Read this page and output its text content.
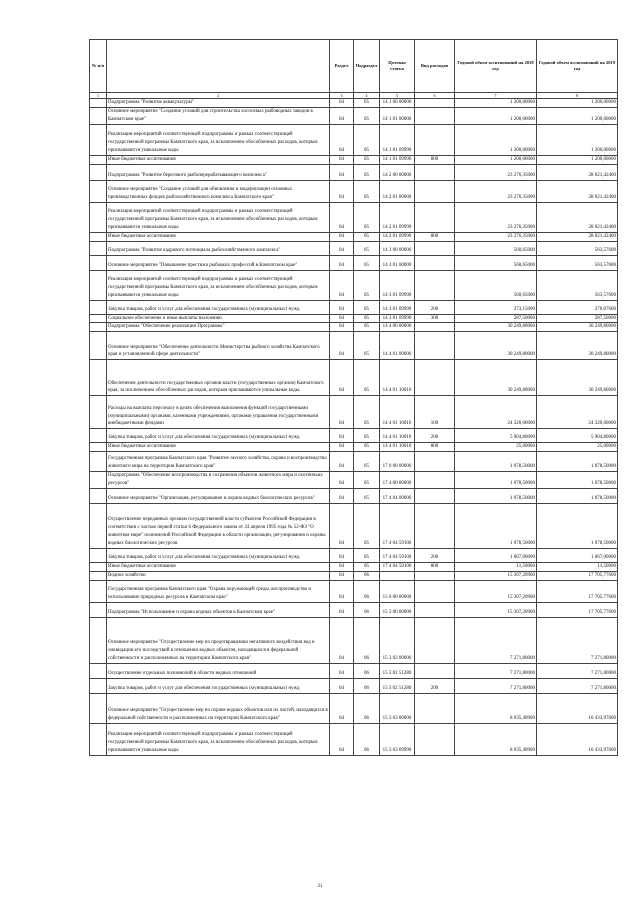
№ п/п		Раздел	Подраздел	Целевая статья	Вид расходов	Годовой объем ассигнований на 2018 год	Годовой объем ассигнований на 2019 год
1	2	3	4	5	6	7	8
	Подпрограмма "Развитие аквакультуры"	04	05	14 1 00 00000		1 200,00000	1 200,00000
	Основное мероприятие "Создание условий для строительства лососевых рыбоводных заводов в Камчатском крае"	04	05	14 1 01 00000		1 200,00000	1 200,00000
	Реализация мероприятий соответствующей подпрограммы и рамках соответствующей государственной программы Камчатского края, за исключением обособленных расходов, которым присваиваются уникальные коды	04	05	14 1 01 09990		1 200,00000	1 200,00000
	Иные бюджетные ассигнования	04	05	14 1 01 09990	800	1 200,00000	1 200,00000
	Подпрограмма "Развитие берегового рыбоперерабатывающего комплекса"	04	05	14 2 00 00000		23 276,35000	28 021,42400
	Основное мероприятие "Создание условий для обновления и модернизации основных производственных фондов рыбохозяйственного комплекса Камчатского края"	04	05	14 2 01 00000		23 276,35000	28 021,42400
	Реализация мероприятий соответствующей подпрограммы и рамках соответствующей государственной программы Камчатского края, за исключением обособленных расходов, которым присваиваются уникальные коды	04	05	14 2 01 09990		23 276,35000	28 021,42400
	Иные бюджетные ассигнования	04	05	14 2 01 09990	800	23 276,35000	28 021,42400
	Подпрограмма "Развитие кадрового потенциала рыбохозяйственного комплекса"	04	05	14 3 00 00000		560,65000	563,57600
	Основное мероприятие "Повышение престижа рыбацких профессий в Камчатском крае"	04	05	14 3 01 00000		560,65000	563,57600
	Реализация мероприятий соответствующей подпрограммы и рамках соответствующей государственной программы Камчатского края, за исключением обособленных расходов, которым присваиваются уникальные коды	04	05	14 3 01 09990		560,65000	563,57600
	Закупка товаров, работ и услуг для обеспечения государственных (муниципальных) нужд	04	05	14 3 01 09990	200	273,15000	276,07600
	Социальное обеспечение и иные выплаты населению	04	05	14 3 01 09990	300	287,50000	287,50000
	Подпрограмма "Обеспечение реализации Программы"	04	05	14 4 00 00000		30 249,80000	30 249,80000
	Основное мероприятие "Обеспечение деятельности Министерства рыбного хозяйства Камчатского края и установленной сфере деятельности"	04	05	14 4 01 00000		30 249,80000	30 249,80000
	Обеспечение деятельности государственных органов власти (государственных органов) Камчатского края, за исключением обособленных расходов, которым присваиваются уникальные коды.	04	05	14 4 01 10010		30 249,80000	30 249,80000
	Расходы на выплаты персоналу в целях обеспечения выполнения функций государственными (муниципальными) органами, казенными учреждениями, органами управления государственными внебюджетными фондами	04	05	14 4 01 10010	100	24 320,00000	24 320,00000
	Закупка товаров, работ и услуг для обеспечения государственных (муниципальных) нужд	04	05	14 4 01 10010	200	5 904,80000	5 904,80000
	Иные бюджетные ассигнования	04	05	14 4 01 10010	800	25,00000	25,00000
	Государственная программа Камчатского края "Развитие лесного хозяйства, охрана и воспроизводство животного мира на территории Камчатского края"	04	05	17 0 00 00000		1 078,50000	1 078,50000
	Подпрограмма "Обеспечение воспроизводства и сохранения объектов животного мира и охотничьих ресурсов"	04	05	17 4 00 00000		1 078,50000	1 078,50000
	Основное мероприятие "Организация, регулирование и охрана водных биологических ресурсов"	04	05	17 4 04 00000		1 078,50000	1 078,50000
	Осуществление переданных органам государственной власти субъектов Российской Федерации в соответствии с частью первой статьи 6 Федерального закона от 24 апреля 1995 года № 52-ФЗ "О животном мире" полномочий Российской Федерации в области организации, регулирования и охраны водных биологических ресурсов	04	05	17 4 04 59100		1 078,50000	1 078,50000
	Закупка товаров, работ и услуг для обеспечения государственных (муниципальных) нужд	04	05	17 4 04 59100	200	1 067,00000	1 067,00000
	Иные бюджетные ассигнования	04	05	17 4 04 59100	800	11,50000	11,50000
	Водное хозяйство	04	06			15 307,20900	17 705,77600
	Государственная программа Камчатского края "Охрана окружающей среды, воспроизводство и использование природных ресурсов в Камчатском крае"	04	06	15 0 00 00000		15 307,20900	17 705,77600
	Подпрограмма "Использование и охрана водных объектов в Камчатском крае"	04	06	15 3 00 00000		15 307,20900	17 705,77600
	Основное мероприятие "Осуществление мер по предотвращению негативного воздействия вод и ликвидации его последствий в отношении водных объектов, находящихся в федеральной собственности и расположенных на территории Камчатского края"	04	06	15 3 02 00000		7 271,80000	7 271,80000
	Осуществление отдельных полномочий в области водных отношений	04	06	15 3 02 51280		7 271,80000	7 271,80000
	Закупка товаров, работ и услуг для обеспечения государственных (муниципальных) нужд	04	06	15 3 02 51280	200	7 271,80000	7 271,80000
	Основное мероприятие "Осуществление мер по охране водных объектов или их частей, находящихся в федеральной собственности и расположенных на территории Камчатского края"	04	06	15 3 03 00000		8 035,40900	10 433,97600
	Реализация мероприятий соответствующей подпрограммы и рамках соответствующей государственной программы Камчатского края, за исключением обособленных расходов, которым присваиваются уникальные коды	04	06	15 3 03 09990		8 035,40900	10 433,97600
21
